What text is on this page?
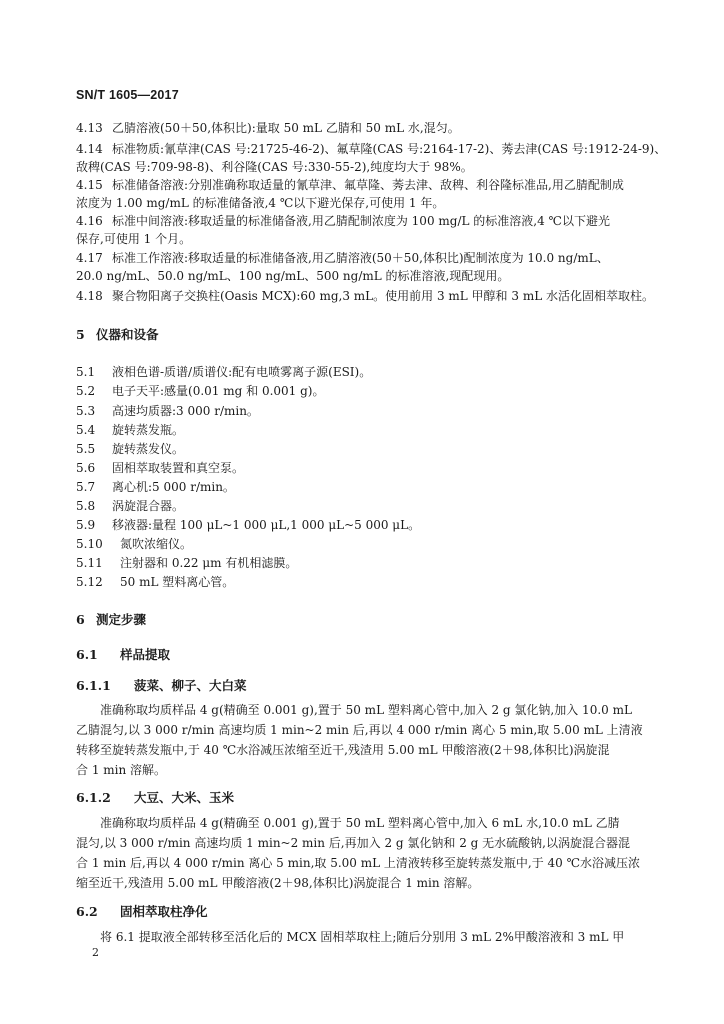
SN/T 1605—2017
4.13 乙腈溶液(50＋50,体积比):量取 50 mL 乙腈和 50 mL 水,混匀。
4.14 标准物质:氰草津(CAS 号:21725-46-2)、氟草隆(CAS 号:2164-17-2)、莠去津(CAS 号:1912-24-9)、
敌稗(CAS 号:709-98-8)、利谷隆(CAS 号:330-55-2),纯度均大于 98%。
4.15 标准储备溶液:分别准确称取适量的氰草津、氟草隆、莠去津、敌稗、利谷隆标准品,用乙腈配制成
浓度为 1.00 mg/mL 的标准储备液,4 ℃以下避光保存,可使用 1 年。
4.16 标准中间溶液:移取适量的标准储备液,用乙腈配制浓度为 100 mg/L 的标准溶液,4 ℃以下避光
保存,可使用 1 个月。
4.17 标准工作溶液:移取适量的标准储备液,用乙腈溶液(50＋50,体积比)配制浓度为 10.0 ng/mL、
20.0 ng/mL、50.0 ng/mL、100 ng/mL、500 ng/mL 的标准溶液,现配现用。
4.18 聚合物阳离子交换柱(Oasis MCX):60 mg,3 mL。使用前用 3 mL 甲醇和 3 mL 水活化固相萃取柱。
5 仪器和设备
5.1 液相色谱-质谱/质谱仪:配有电喷雾离子源(ESI)。
5.2 电子天平:感量(0.01 mg 和 0.001 g)。
5.3 高速均质器:3 000 r/min。
5.4 旋转蒸发瓶。
5.5 旋转蒸发仪。
5.6 固相萃取装置和真空泵。
5.7 离心机:5 000 r/min。
5.8 涡旋混合器。
5.9 移液器:量程 100 μL~1 000 μL,1 000 μL~5 000 μL。
5.10 氮吹浓缩仪。
5.11 注射器和 0.22 μm 有机相滤膜。
5.12 50 mL 塑料离心管。
6 测定步骤
6.1 样品提取
6.1.1 菠菜、柳子、大白菜
准确称取均质样品 4 g(精确至 0.001 g),置于 50 mL 塑料离心管中,加入 2 g 氯化钠,加入 10.0 mL
乙腈混匀,以 3 000 r/min 高速均质 1 min~2 min 后,再以 4 000 r/min 离心 5 min,取 5.00 mL 上清液
转移至旋转蒸发瓶中,于 40 ℃水浴减压浓缩至近干,残渣用 5.00 mL 甲酸溶液(2＋98,体积比)涡旋混
合 1 min 溶解。
6.1.2 大豆、大米、玉米
准确称取均质样品 4 g(精确至 0.001 g),置于 50 mL 塑料离心管中,加入 6 mL 水,10.0 mL 乙腈
混匀,以 3 000 r/min 高速均质 1 min~2 min 后,再加入 2 g 氯化钠和 2 g 无水硫酸钠,以涡旋混合器混
合 1 min 后,再以 4 000 r/min 离心 5 min,取 5.00 mL 上清液转移至旋转蒸发瓶中,于 40 ℃水浴减压浓
缩至近干,残渣用 5.00 mL 甲酸溶液(2＋98,体积比)涡旋混合 1 min 溶解。
6.2 固相萃取柱净化
将 6.1 提取液全部转移至活化后的 MCX 固相萃取柱上;随后分别用 3 mL 2%甲酸溶液和 3 mL 甲
2
